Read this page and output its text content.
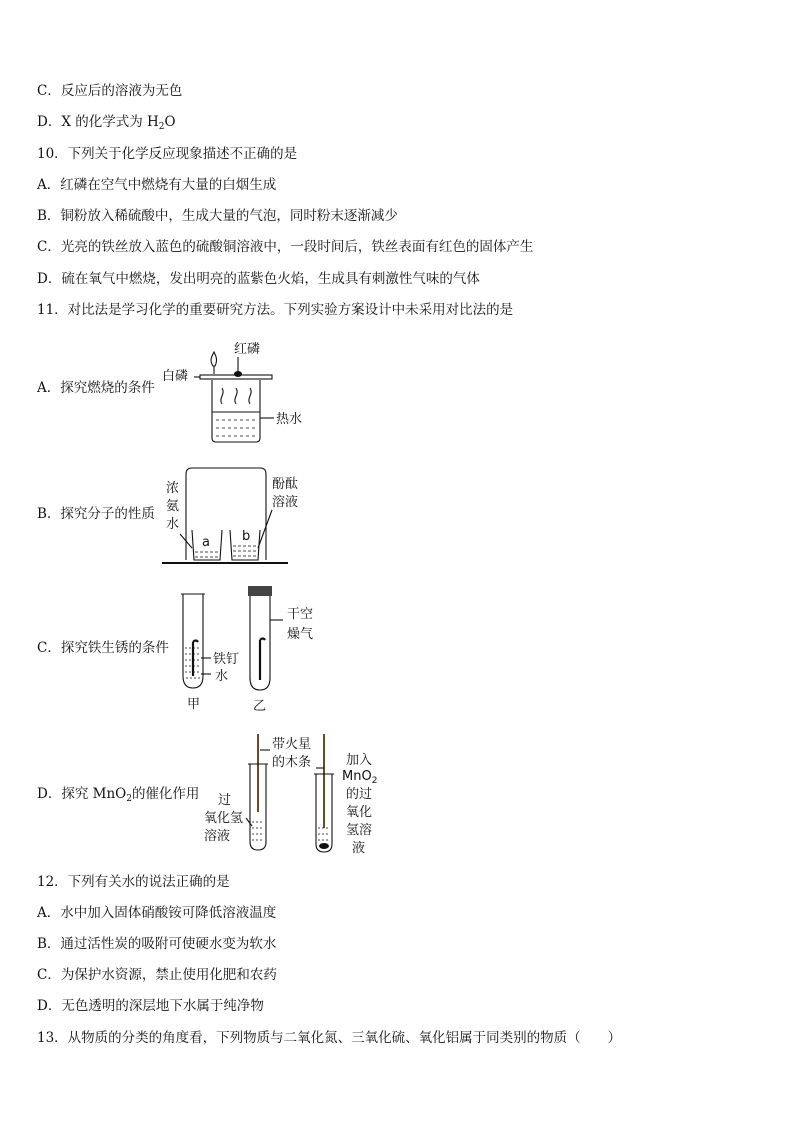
C．反应后的溶液为无色
D．X 的化学式为 $H_2O$
10．下列关于化学反应现象描述不正确的是
A．红磷在空气中燃烧有大量的白烟生成
B．铜粉放入稀硫酸中，生成大量的气泡，同时粉末逐渐减少
C．光亮的铁丝放入蓝色的硫酸铜溶液中，一段时间后，铁丝表面有红色的固体产生
D．硫在氧气中燃烧，发出明亮的蓝紫色火焰，生成具有刺激性气味的气体
11．对比法是学习化学的重要研究方法。下列实验方案设计中未采用对比法的是
A．探究燃烧的条件
B．探究分子的性质
C．探究铁生锈的条件
D．探究 MnO$_2$的催化作用
12．下列有关水的说法正确的是
A．水中加入固体硝酸铵可降低溶液温度
B．通过活性炭的吸附可使硬水变为软水
C．为保护水资源，禁止使用化肥和农药
D．无色透明的深层地下水属于纯净物
13．从物质的分类的角度看，下列物质与二氧化氮、三氧化硫、氧化铝属于同类别的物质（　　）
红磷
白磷
热水
浓
氨
水
酚酞
溶液
a b
铁钉
水
甲
干空
燥气
乙
带火星
的木条
过
氧化氢
溶液
加入
MnO$_2$
的过
氧化
氢溶
液
